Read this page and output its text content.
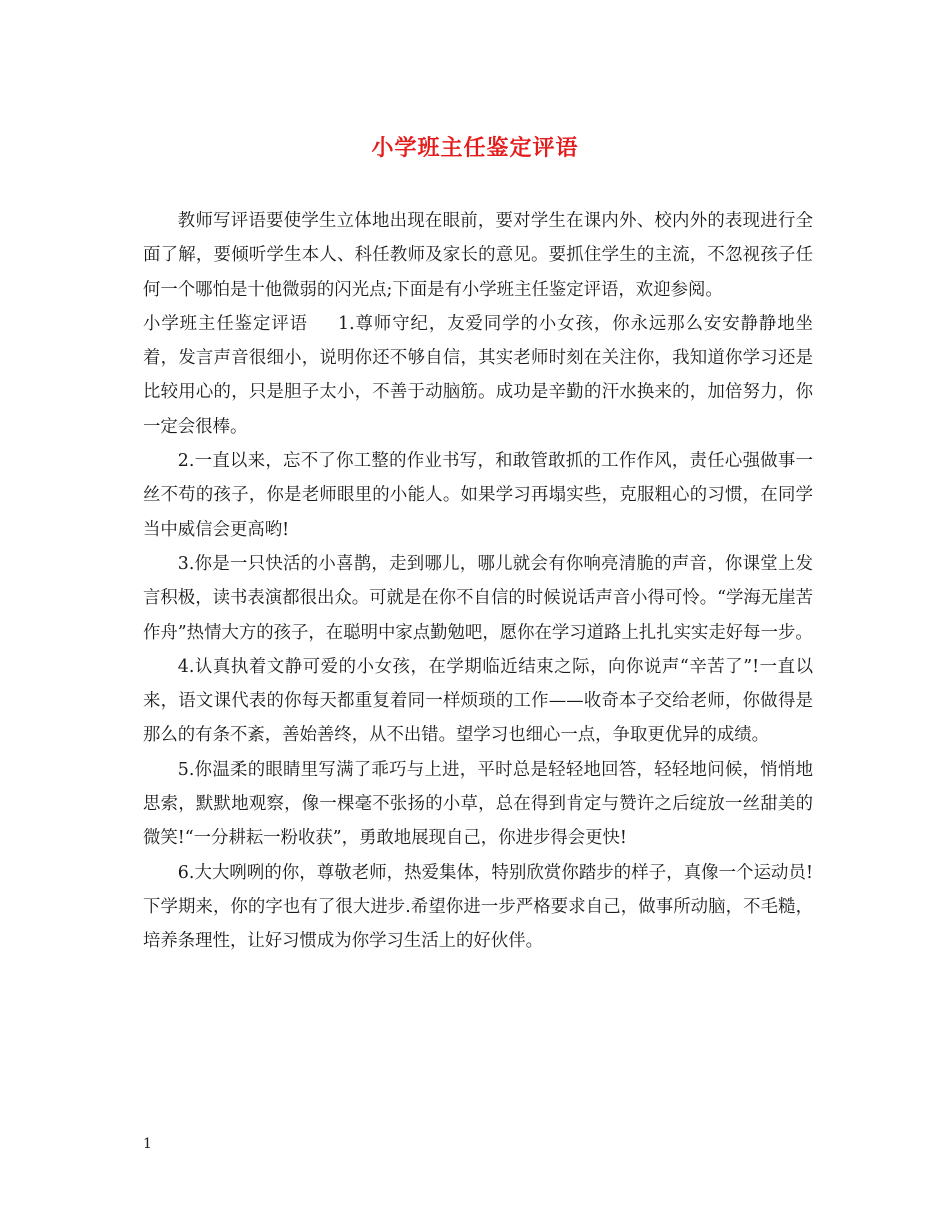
小学班主任鉴定评语

教师写评语要使学生立体地出现在眼前，要对学生在课内外、校内外的表现进行全面了解，要倾听学生本人、科任教师及家长的意见。要抓住学生的主流，不忽视孩子任何一个哪怕是十他微弱的闪光点;下面是有小学班主任鉴定评语，欢迎参阅。

小学班主任鉴定评语 1.尊师守纪，友爱同学的小女孩，你永远那么安安静静地坐着，发言声音很细小，说明你还不够自信，其实老师时刻在关注你，我知道你学习还是比较用心的，只是胆子太小，不善于动脑筋。成功是辛勤的汗水换来的，加倍努力，你一定会很棒。

2.一直以来，忘不了你工整的作业书写，和敢管敢抓的工作作风，责任心强做事一丝不苟的孩子，你是老师眼里的小能人。如果学习再塌实些，克服粗心的习惯，在同学当中威信会更高哟!

3.你是一只快活的小喜鹊，走到哪儿，哪儿就会有你响亮清脆的声音，你课堂上发言积极，读书表演都很出众。可就是在你不自信的时候说话声音小得可怜。“学海无崖苦作舟”热情大方的孩子，在聪明中家点勤勉吧，愿你在学习道路上扎扎实实走好每一步。

4.认真执着文静可爱的小女孩，在学期临近结束之际，向你说声“辛苦了”!一直以来，语文课代表的你每天都重复着同一样烦琐的工作——收奇本子交给老师，你做得是那么的有条不紊，善始善终，从不出错。望学习也细心一点，争取更优异的成绩。

5.你温柔的眼睛里写满了乖巧与上进，平时总是轻轻地回答，轻轻地问候，悄悄地思索，默默地观察，像一棵毫不张扬的小草，总在得到肯定与赞许之后绽放一丝甜美的微笑!“一分耕耘一粉收获”，勇敢地展现自己，你进步得会更快!

6.大大咧咧的你，尊敬老师，热爱集体，特别欣赏你踏步的样子，真像一个运动员!下学期来，你的字也有了很大进步.希望你进一步严格要求自己，做事所动脑，不毛糙，培养条理性，让好习惯成为你学习生活上的好伙伴。

1
